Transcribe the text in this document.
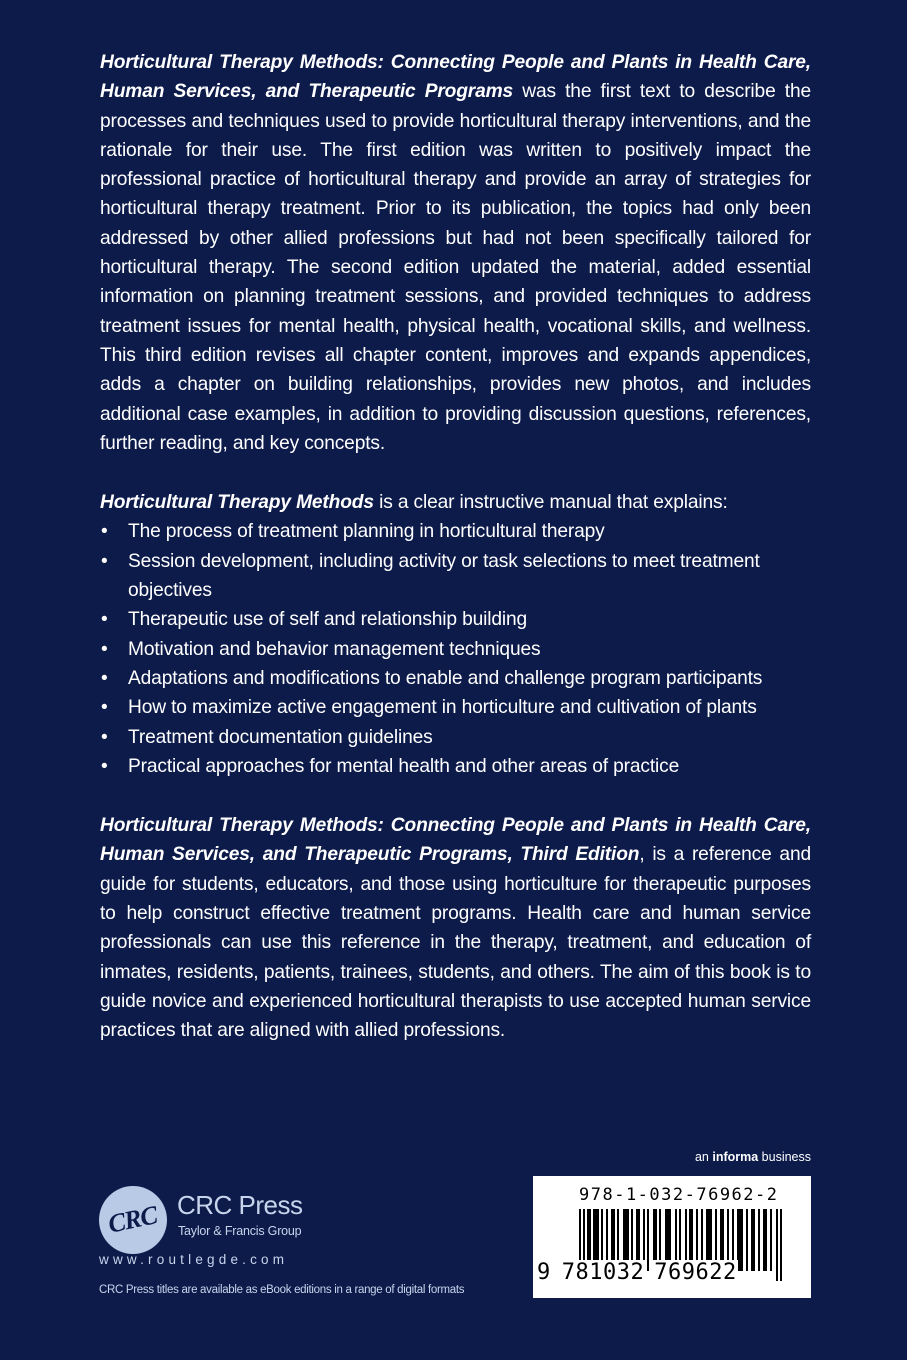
Horticultural Therapy Methods: Connecting People and Plants in Health Care, Human Services, and Therapeutic Programs was the first text to describe the processes and techniques used to provide horticultural therapy interventions, and the rationale for their use. The first edition was written to positively impact the professional practice of horticultural therapy and provide an array of strategies for horticultural therapy treatment. Prior to its publication, the topics had only been addressed by other allied professions but had not been specifically tailored for horticultural therapy. The second edition updated the material, added essential information on planning treatment sessions, and provided techniques to address treatment issues for mental health, physical health, vocational skills, and wellness. This third edition revises all chapter content, improves and expands appendices, adds a chapter on building relationships, provides new photos, and includes additional case examples, in addition to providing discussion questions, references, further reading, and key concepts.

Horticultural Therapy Methods is a clear instructive manual that explains:

•	The process of treatment planning in horticultural therapy
•	Session development, including activity or task selections to meet treatment objectives
•	Therapeutic use of self and relationship building
•	Motivation and behavior management techniques
•	Adaptations and modifications to enable and challenge program participants
•	How to maximize active engagement in horticulture and cultivation of plants
•	Treatment documentation guidelines
•	Practical approaches for mental health and other areas of practice

Horticultural Therapy Methods: Connecting People and Plants in Health Care, Human Services, and Therapeutic Programs, Third Edition, is a reference and guide for students, educators, and those using horticulture for therapeutic purposes to help construct effective treatment programs. Health care and human service professionals can use this reference in the therapy, treatment, and education of inmates, residents, patients, trainees, students, and others. The aim of this book is to guide novice and experienced horticultural therapists to use accepted human service practices that are aligned with allied professions.

an informa business
CRC CRC Press
Taylor & Francis Group
www.routlegde.com
CRC Press titles are available as eBook editions in a range of digital formats
978-1-032-76962-2
9 781032 769622
